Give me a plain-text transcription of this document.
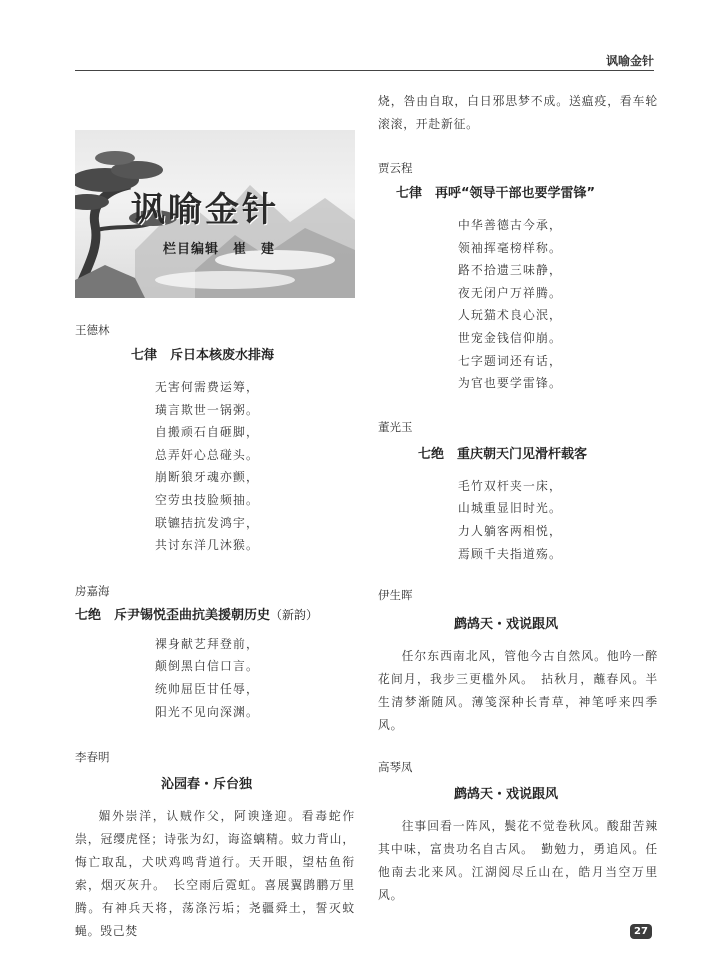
讽喻金针
讽喻金针
栏目编辑　崔　建

王德林

七律　斥日本核废水排海

无害何需费运筹，
璜言欺世一锅粥。
自搬顽石自砸脚，
总弄奸心总碰头。
崩断狼牙魂亦颤，
空劳虫技脸频抽。
联镳拮抗发鸿宇，
共讨东洋几沐猴。

房嘉海

七绝　斥尹锡悦歪曲抗美援朝历史（新韵）

裸身献艺拜登前，
颠倒黑白信口言。
统帅屈臣甘任辱，
阳光不见向深渊。

李春明

沁园春・斥台独

媚外崇洋，认贼作父，阿谀逢迎。看毒蛇作祟，冠缨虎怪；诗张为幻，诲盗螭精。蚊力背山，悔亡取乱，犬吠鸡鸣背道行。天开眼，望枯鱼衔索，烟灭灰升。　长空雨后霓虹。喜展翼鹍鹏万里腾。有神兵天将，荡涤污垢；尧疆舜土，誓灭蚊蝇。毁己焚

烧，咎由自取，白日邪思梦不成。送瘟疫，看车轮滚滚，开赴新征。

贾云程

七律　再呼“领导干部也要学雷锋”

中华善德古今承，
领袖挥毫榜样称。
路不拾遗三味静，
夜无闭户万祥腾。
人玩猫术良心泯，
世宠金钱信仰崩。
七字题词还有话，
为官也要学雷锋。

董光玉

七绝　重庆朝天门见滑杆载客

毛竹双杆夹一床，
山城重显旧时光。
力人躺客两相悦，
焉顾千夫指道殇。

伊生晖

鹧鸪天・戏说跟风

任尔东西南北风，管他今古自然风。他吟一醉花间月，我步三更槛外风。　拈秋月，蘸春风。半生清梦渐随风。薄笺深种长青草，神笔呼来四季风。

高琴凤

鹧鸪天・戏说跟风

往事回看一阵风，鬓花不觉卷秋风。酸甜苦辣其中味，富贵功名自古风。　勤勉力，勇追风。任他南去北来风。江湖阅尽丘山在，皓月当空万里风。

27
